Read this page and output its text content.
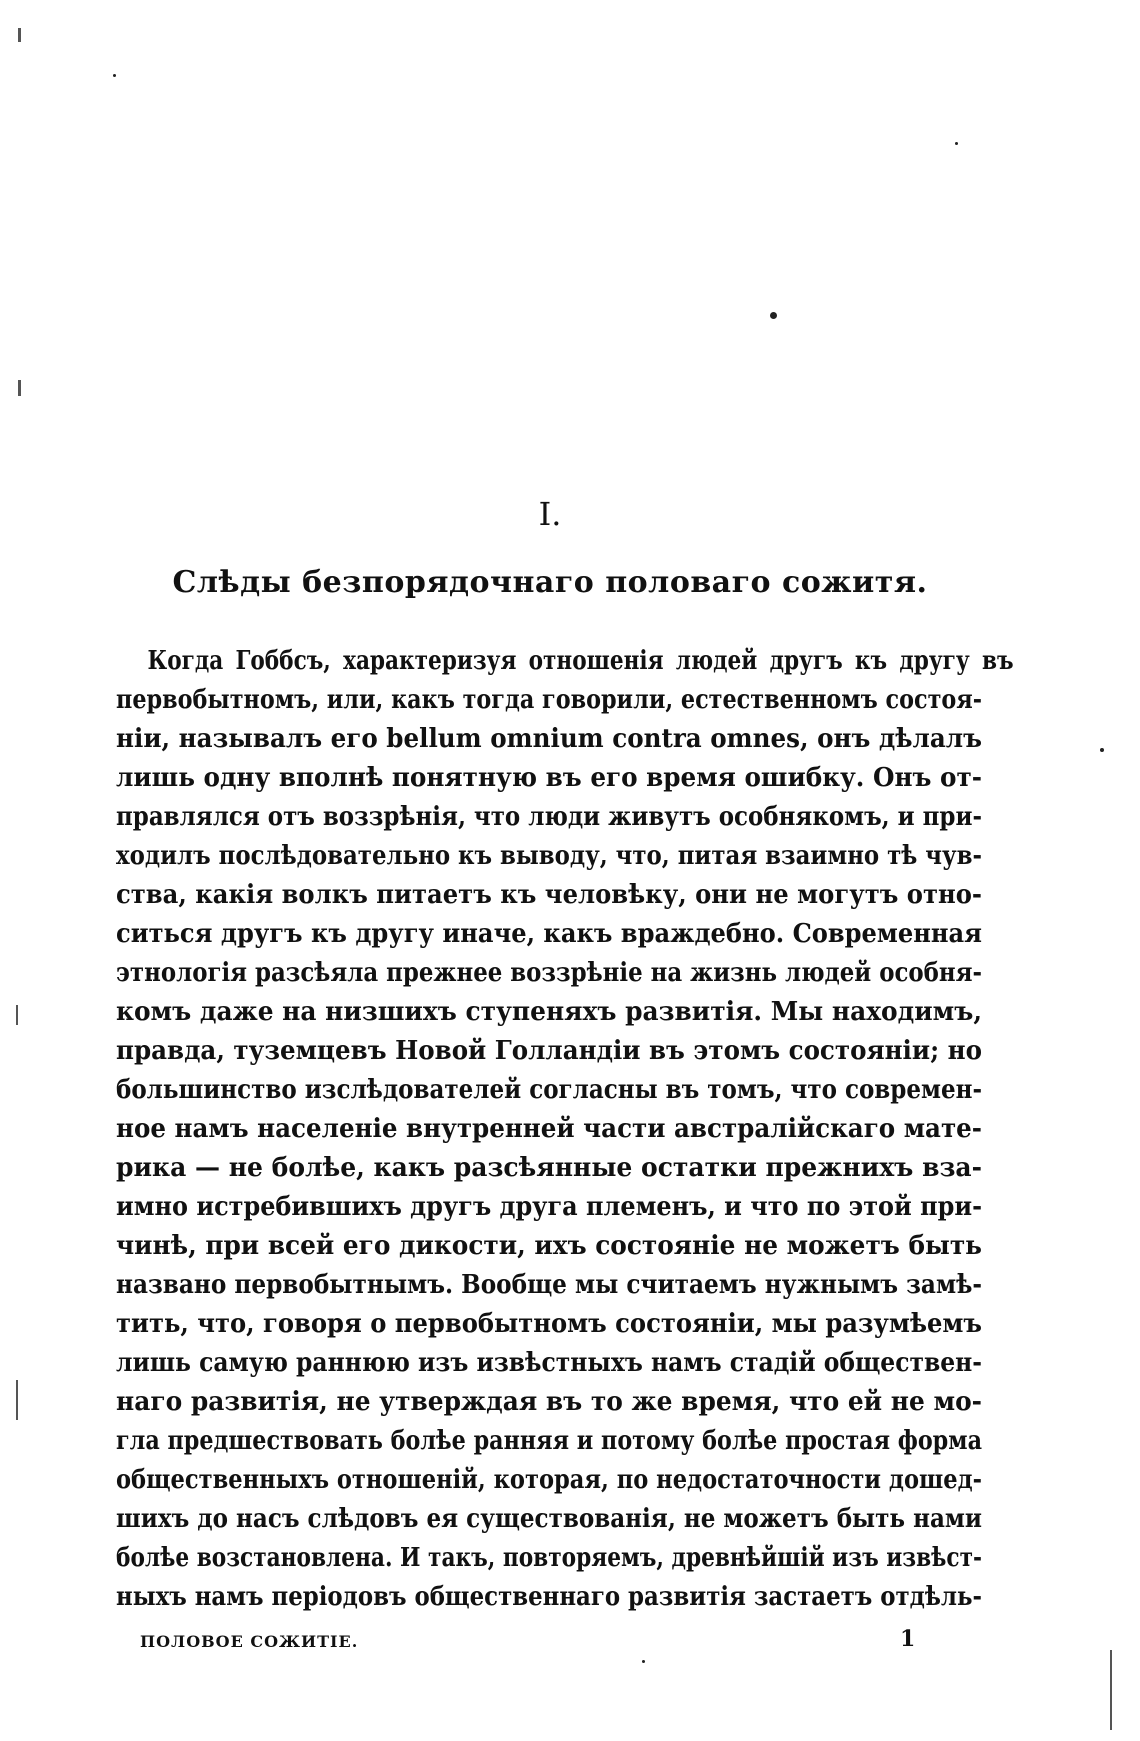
I.
Слѣды безпорядочнаго половаго сожитя.
Когда Гоббсъ, характеризуя отношенія людей другъ къ другу въ
первобытномъ, или, какъ тогда говорили, естественномъ состоя-
ніи, называлъ его bellum omnium contra omnes, онъ дѣлалъ
лишь одну вполнѣ понятную въ его время ошибку. Онъ от-
правлялся отъ воззрѣнія, что люди живутъ особнякомъ, и при-
ходилъ послѣдовательно къ выводу, что, питая взаимно тѣ чув-
ства, какія волкъ питаетъ къ человѣку, они не могутъ отно-
ситься другъ къ другу иначе, какъ враждебно. Современная
этнологія разсѣяла прежнее воззрѣніе на жизнь людей особня-
комъ даже на низшихъ ступеняхъ развитія. Мы находимъ,
правда, туземцевъ Новой Голландіи въ этомъ состояніи; но
большинство изслѣдователей согласны въ томъ, что современ-
ное намъ населеніе внутренней части австралійскаго мате-
рика — не болѣе, какъ разсѣянные остатки прежнихъ вза-
имно истребившихъ другъ друга племенъ, и что по этой при-
чинѣ, при всей его дикости, ихъ состояніе не можетъ быть
названо первобытнымъ. Вообще мы считаемъ нужнымъ замѣ-
тить, что, говоря о первобытномъ состояніи, мы разумѣемъ
лишь самую раннюю изъ извѣстныхъ намъ стадій обществен-
наго развитія, не утверждая въ то же время, что ей не мо-
гла предшествовать болѣе ранняя и потому болѣе простая форма
общественныхъ отношеній, которая, по недостаточности дошед-
шихъ до насъ слѣдовъ ея существованія, не можетъ быть нами
болѣе возстановлена. И такъ, повторяемъ, древнѣйшій изъ извѣст-
ныхъ намъ періодовъ общественнаго развитія застаетъ отдѣль-
ПОЛОВОЕ СОЖИТІЕ.	1
